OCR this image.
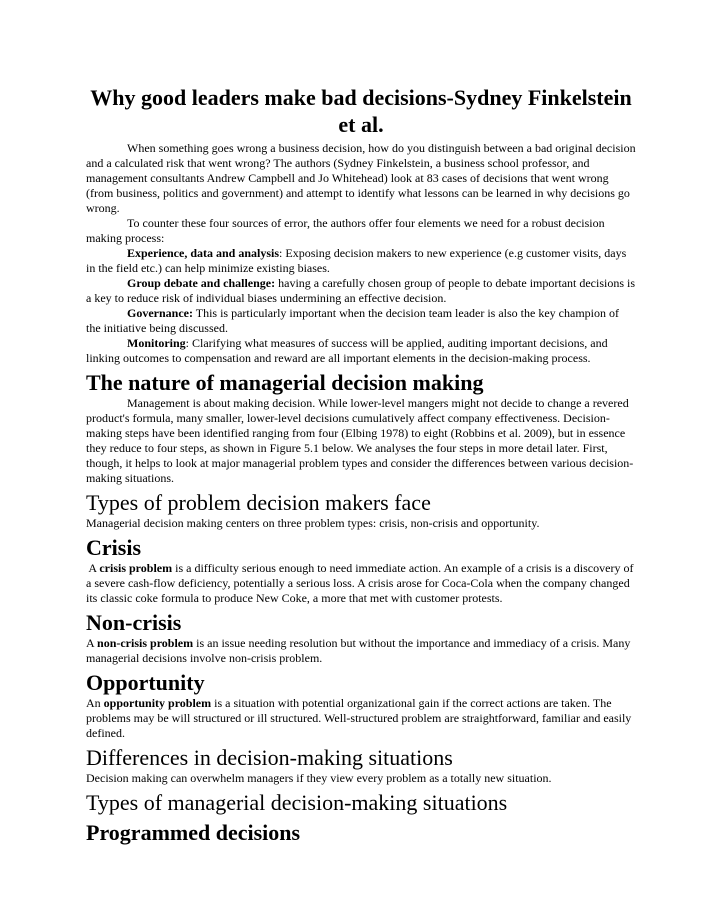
Why good leaders make bad decisions-Sydney Finkelstein et al.

When something goes wrong a business decision, how do you distinguish between a bad original decision and a calculated risk that went wrong? The authors (Sydney Finkelstein, a business school professor, and management consultants Andrew Campbell and Jo Whitehead) look at 83 cases of decisions that went wrong (from business, politics and government) and attempt to identify what lessons can be learned in why decisions go wrong.

To counter these four sources of error, the authors offer four elements we need for a robust decision making process:

Experience, data and analysis: Exposing decision makers to new experience (e.g customer visits, days in the field etc.) can help minimize existing biases.

Group debate and challenge: having a carefully chosen group of people to debate important decisions is a key to reduce risk of individual biases undermining an effective decision.

Governance: This is particularly important when the decision team leader is also the key champion of the initiative being discussed.

Monitoring: Clarifying what measures of success will be applied, auditing important decisions, and linking outcomes to compensation and reward are all important elements in the decision-making process.

The nature of managerial decision making

Management is about making decision. While lower-level mangers might not decide to change a revered product's formula, many smaller, lower-level decisions cumulatively affect company effectiveness. Decision-making steps have been identified ranging from four (Elbing 1978) to eight (Robbins et al. 2009), but in essence they reduce to four steps, as shown in Figure 5.1 below. We analyses the four steps in more detail later. First, though, it helps to look at major managerial problem types and consider the differences between various decision-making situations.

Types of problem decision makers face

Managerial decision making centers on three problem types: crisis, non-crisis and opportunity.

Crisis

A crisis problem is a difficulty serious enough to need immediate action. An example of a crisis is a discovery of a severe cash-flow deficiency, potentially a serious loss. A crisis arose for Coca-Cola when the company changed its classic coke formula to produce New Coke, a more that met with customer protests.

Non-crisis

A non-crisis problem is an issue needing resolution but without the importance and immediacy of a crisis. Many managerial decisions involve non-crisis problem.

Opportunity

An opportunity problem is a situation with potential organizational gain if the correct actions are taken. The problems may be will structured or ill structured. Well-structured problem are straightforward, familiar and easily defined.

Differences in decision-making situations

Decision making can overwhelm managers if they view every problem as a totally new situation.

Types of managerial decision-making situations
Programmed decisions
